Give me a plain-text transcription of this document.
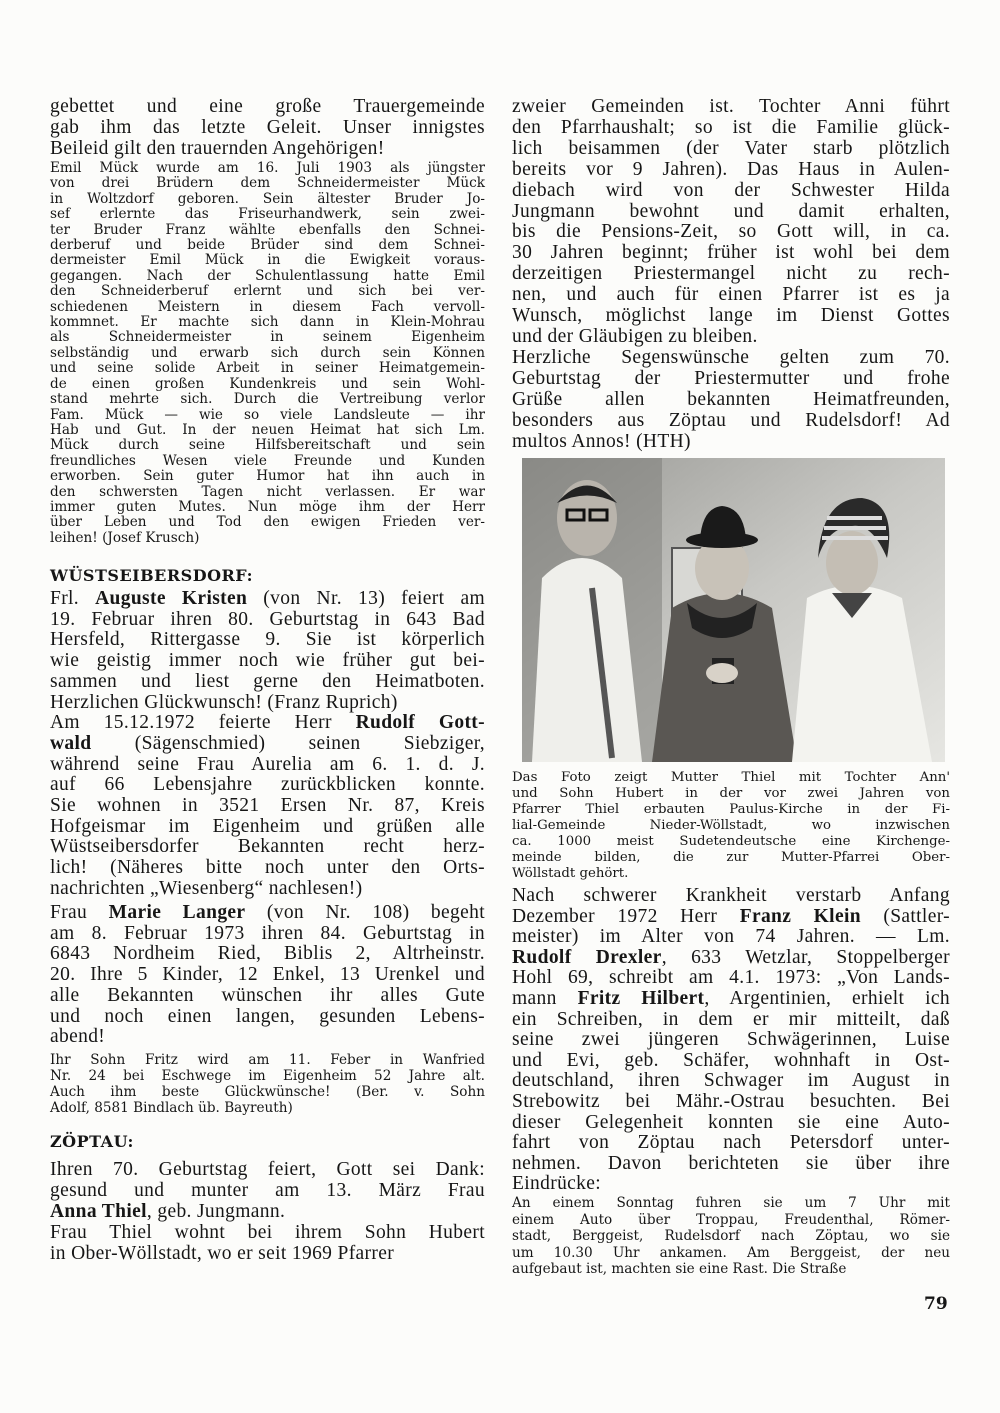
gebettet und eine große Trauergemeinde
gab ihm das letzte Geleit. Unser innigstes
Beileid gilt den trauernden Angehörigen!
Emil Mück wurde am 16. Juli 1903 als jüngster
von drei Brüdern dem Schneidermeister Mück
in Woltzdorf geboren. Sein ältester Bruder Jo-
sef erlernte das Friseurhandwerk, sein zwei-
ter Bruder Franz wählte ebenfalls den Schnei-
derberuf und beide Brüder sind dem Schnei-
dermeister Emil Mück in die Ewigkeit voraus-
gegangen. Nach der Schulentlassung hatte Emil
den Schneiderberuf erlernt und sich bei ver-
schiedenen Meistern in diesem Fach vervoll-
kommnet. Er machte sich dann in Klein-Mohrau
als Schneidermeister in seinem Eigenheim
selbständig und erwarb sich durch sein Können
und seine solide Arbeit in seiner Heimatgemein-
de einen großen Kundenkreis und sein Wohl-
stand mehrte sich. Durch die Vertreibung verlor
Fam. Mück — wie so viele Landsleute — ihr
Hab und Gut. In der neuen Heimat hat sich Lm.
Mück durch seine Hilfsbereitschaft und sein
freundliches Wesen viele Freunde und Kunden
erworben. Sein guter Humor hat ihn auch in
den schwersten Tagen nicht verlassen. Er war
immer guten Mutes. Nun möge ihm der Herr
über Leben und Tod den ewigen Frieden ver-
leihen! (Josef Krusch)
WÜSTSEIBERSDORF:
Frl. Auguste Kristen (von Nr. 13) feiert am
19. Februar ihren 80. Geburtstag in 643 Bad
Hersfeld, Rittergasse 9. Sie ist körperlich
wie geistig immer noch wie früher gut bei-
sammen und liest gerne den Heimatboten.
Herzlichen Glückwunsch! (Franz Ruprich)
Am 15.12.1972 feierte Herr Rudolf Gott-
wald (Sägenschmied) seinen Siebziger,
während seine Frau Aurelia am 6. 1. d. J.
auf 66 Lebensjahre zurückblicken konnte.
Sie wohnen in 3521 Ersen Nr. 87, Kreis
Hofgeismar im Eigenheim und grüßen alle
Wüstseibersdorfer Bekannten recht herz-
lich! (Näheres bitte noch unter den Orts-
nachrichten „Wiesenberg“ nachlesen!)
Frau Marie Langer (von Nr. 108) begeht
am 8. Februar 1973 ihren 84. Geburtstag in
6843 Nordheim Ried, Biblis 2, Altrheinstr.
20. Ihre 5 Kinder, 12 Enkel, 13 Urenkel und
alle Bekannten wünschen ihr alles Gute
und noch einen langen, gesunden Lebens-
abend!
Ihr Sohn Fritz wird am 11. Feber in Wanfried
Nr. 24 bei Eschwege im Eigenheim 52 Jahre alt.
Auch ihm beste Glückwünsche! (Ber. v. Sohn
Adolf, 8581 Bindlach üb. Bayreuth)
ZÖPTAU:
Ihren 70. Geburtstag feiert, Gott sei Dank:
gesund und munter am 13. März Frau
Anna Thiel, geb. Jungmann.
Frau Thiel wohnt bei ihrem Sohn Hubert
in Ober-Wöllstadt, wo er seit 1969 Pfarrer
zweier Gemeinden ist. Tochter Anni führt
den Pfarrhaushalt; so ist die Familie glück-
lich beisammen (der Vater starb plötzlich
bereits vor 9 Jahren). Das Haus in Aulen-
diebach wird von der Schwester Hilda
Jungmann bewohnt und damit erhalten,
bis die Pensions-Zeit, so Gott will, in ca.
30 Jahren beginnt; früher ist wohl bei dem
derzeitigen Priestermangel nicht zu rech-
nen, und auch für einen Pfarrer ist es ja
Wunsch, möglichst lange im Dienst Gottes
und der Gläubigen zu bleiben.
Herzliche Segenswünsche gelten zum 70.
Geburtstag der Priestermutter und frohe
Grüße allen bekannten Heimatfreunden,
besonders aus Zöptau und Rudelsdorf! Ad
multos Annos! (HTH)
Das Foto zeigt Mutter Thiel mit Tochter Ann'
und Sohn Hubert in der vor zwei Jahren von
Pfarrer Thiel erbauten Paulus-Kirche in der Fi-
lial-Gemeinde Nieder-Wöllstadt, wo inzwischen
ca. 1000 meist Sudetendeutsche eine Kirchenge-
meinde bilden, die zur Mutter-Pfarrei Ober-
Wöllstadt gehört.
Nach schwerer Krankheit verstarb Anfang
Dezember 1972 Herr Franz Klein (Sattler-
meister) im Alter von 74 Jahren. — Lm.
Rudolf Drexler, 633 Wetzlar, Stoppelberger
Hohl 69, schreibt am 4.1. 1973: „Von Lands-
mann Fritz Hilbert, Argentinien, erhielt ich
ein Schreiben, in dem er mir mitteilt, daß
seine zwei jüngeren Schwägerinnen, Luise
und Evi, geb. Schäfer, wohnhaft in Ost-
deutschland, ihren Schwager im August in
Strebowitz bei Mähr.-Ostrau besuchten. Bei
dieser Gelegenheit konnten sie eine Auto-
fahrt von Zöptau nach Petersdorf unter-
nehmen. Davon berichteten sie über ihre
Eindrücke:
An einem Sonntag fuhren sie um 7 Uhr mit
einem Auto über Troppau, Freudenthal, Römer-
stadt, Berggeist, Rudelsdorf nach Zöptau, wo sie
um 10.30 Uhr ankamen. Am Berggeist, der neu
aufgebaut ist, machten sie eine Rast. Die Straße
79
